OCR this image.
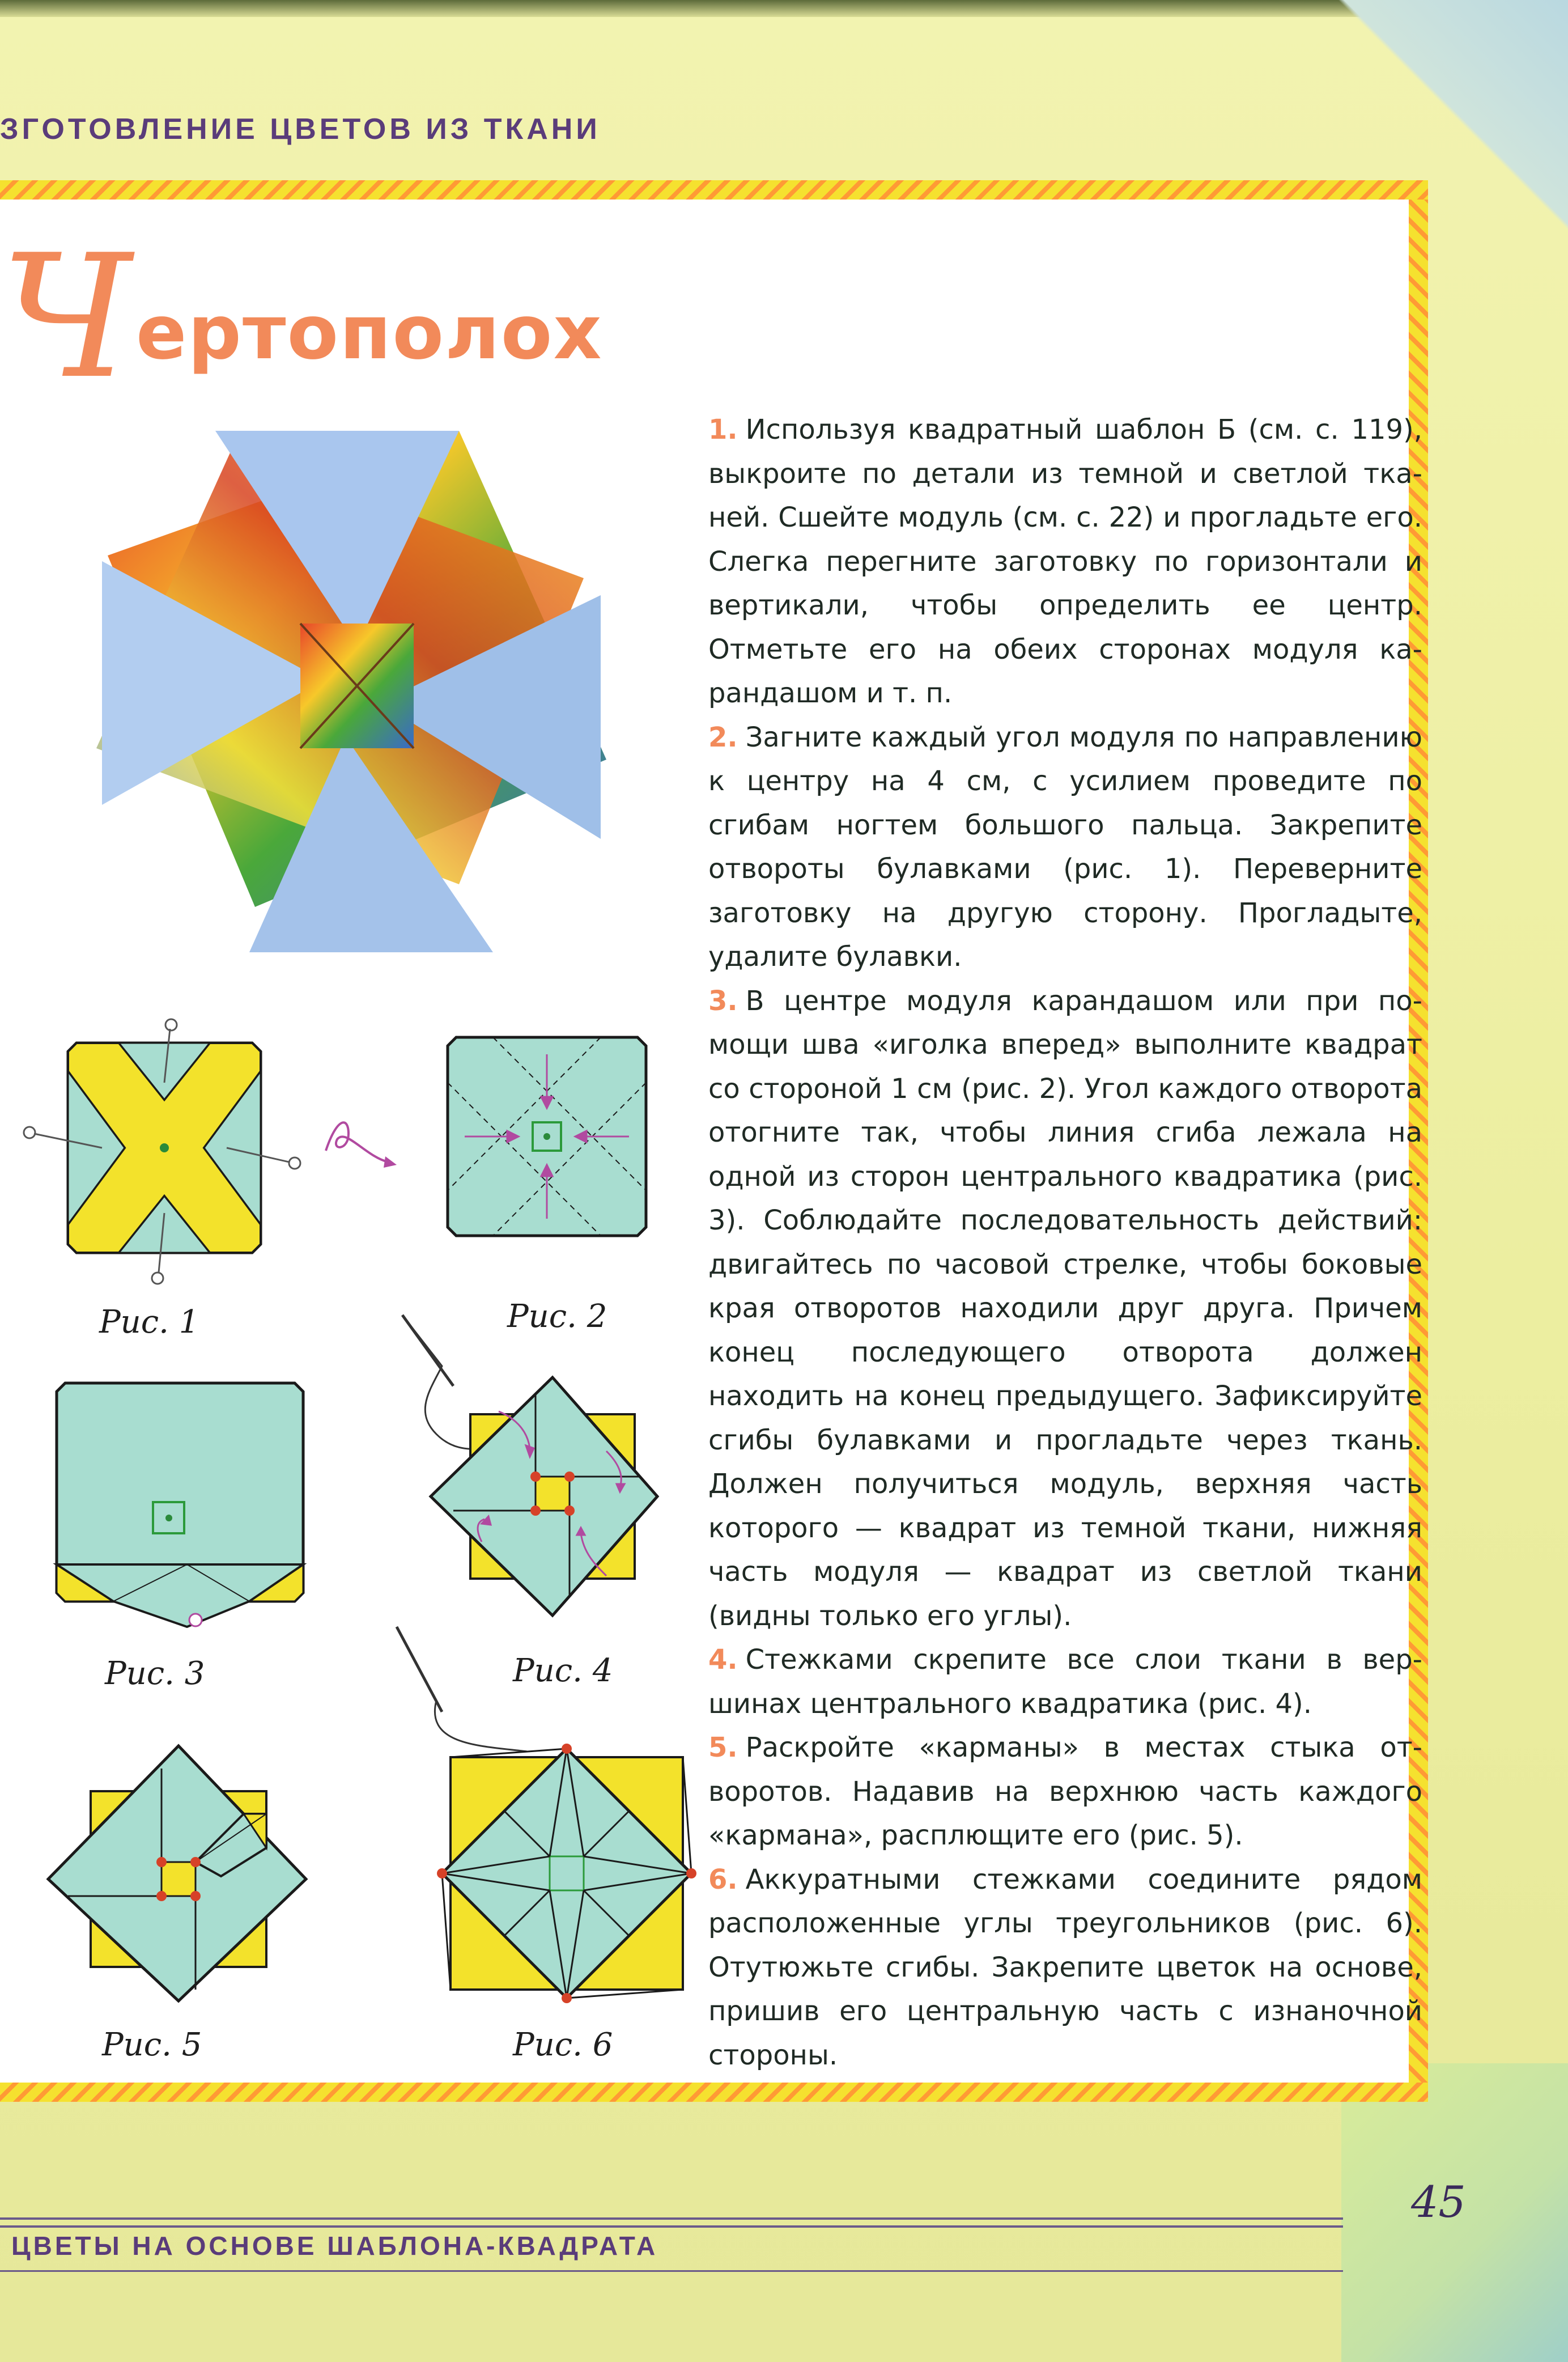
ЗГОТОВЛЕНИЕ ЦВЕТОВ ИЗ ТКАНИ
Ч ертополох
Рис. 1	Рис. 2
Рис. 3	Рис. 4
Рис. 5	Рис. 6

1. Используя квадратный шаблон Б (см. с. 119), выкроите по детали из темной и светлой тканей. Сшейте модуль (см. с. 22) и прогладьте его. Слегка перегните заготовку по горизонтали и вертикали, чтобы определить ее центр. Отметьте его на обеих сторонах модуля карандашом и т. п.

2. Загните каждый угол модуля по направлению к центру на 4 см, с усилием проведите по сгибам ногтем большого пальца. Закрепите отвороты булавками (рис. 1). Переверните заготовку на другую сторону. Прогладыте, удалите булавки.

3. В центре модуля карандашом или при помощи шва «иголка вперед» выполните квадрат со стороной 1 см (рис. 2). Угол каждого отворота отогните так, чтобы линия сгиба лежала на одной из сторон центрального квадратика (рис. 3). Соблюдайте последовательность действий: двигайтесь по часовой стрелке, чтобы боковые края отворотов находили друг друга. Причем конец последующего отворота должен находить на конец предыдущего. Зафиксируйте сгибы булавками и прогладьте через ткань. Должен получиться модуль, верхняя часть которого — квадрат из темной ткани, нижняя часть модуля — квадрат из светлой ткани (видны только его углы).

4. Стежками скрепите все слои ткани в вершинах центрального квадратика (рис. 4).

5. Раскройте «карманы» в местах стыка отворотов. Надавив на верхнюю часть каждого «кармана», расплющите его (рис. 5).

6. Аккуратными стежками соедините рядом расположенные углы треугольников (рис. 6). Отутюжьте сгибы. Закрепите цветок на основе, пришив его центральную часть с изнаночной стороны.

ЦВЕТЫ НА ОСНОВЕ ШАБЛОНА-КВАДРАТА
45
